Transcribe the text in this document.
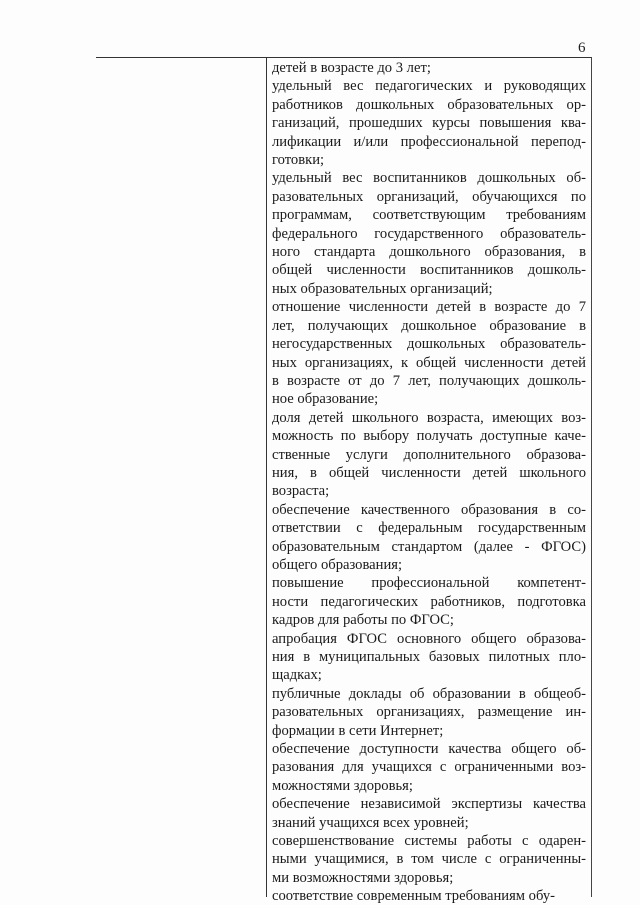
6

детей в возрасте до 3 лет;

удельный вес педагогических и руководящих
работников дошкольных образовательных ор-
ганизаций, прошедших курсы повышения ква-
лификации и/или профессиональной перепод-
готовки;

удельный вес воспитанников дошкольных об-
разовательных организаций, обучающихся по
программам, соответствующим требованиям
федерального государственного образователь-
ного стандарта дошкольного образования, в
общей численности воспитанников дошколь-
ных образовательных организаций;

отношение численности детей в возрасте до 7
лет, получающих дошкольное образование в
негосударственных дошкольных образователь-
ных организациях, к общей численности детей
в возрасте от до 7 лет, получающих дошколь-
ное образование;

доля детей школьного возраста, имеющих воз-
можность по выбору получать доступные каче-
ственные услуги дополнительного образова-
ния, в общей численности детей школьного
возраста;

обеспечение качественного образования в со-
ответствии с федеральным государственным
образовательным стандартом (далее - ФГОС)
общего образования;

повышение профессиональной компетент-
ности педагогических работников, подготовка
кадров для работы по ФГОС;

апробация ФГОС основного общего образова-
ния в муниципальных базовых пилотных пло-
щадках;

публичные доклады об образовании в общеоб-
разовательных организациях, размещение ин-
формации в сети Интернет;

обеспечение доступности качества общего об-
разования для учащихся с ограниченными воз-
можностями здоровья;

обеспечение независимой экспертизы качества
знаний учащихся всех уровней;

совершенствование системы работы с одарен-
ными учащимися, в том числе с ограниченны-
ми возможностями здоровья;

соответствие современным требованиям обу-
